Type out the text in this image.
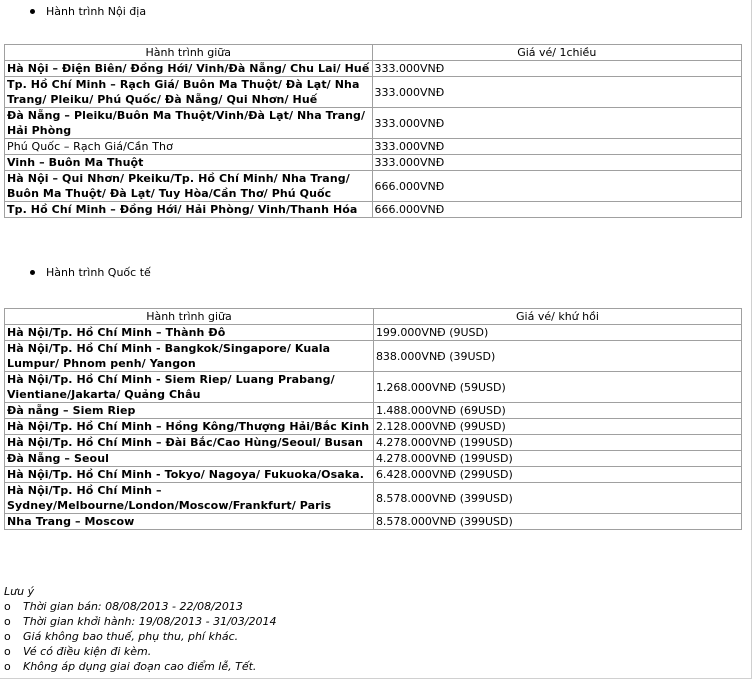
Hành trình Nội địa
Hành trình giữa	Giá vé/ 1chiều
Hà Nội – Điện Biên/ Đồng Hới/ Vinh/Đà Nẵng/ Chu Lai/ Huế	333.000VNĐ
Tp. Hồ Chí Minh – Rạch Giá/ Buôn Ma Thuột/ Đà Lạt/ Nha Trang/ Pleiku/ Phú Quốc/ Đà Nẵng/ Qui Nhơn/ Huế	333.000VNĐ
Đà Nẵng – Pleiku/Buôn Ma Thuột/Vinh/Đà Lạt/ Nha Trang/ Hải Phòng	333.000VNĐ
Phú Quốc – Rạch Giá/Cần Thơ	333.000VNĐ
Vinh – Buôn Ma Thuột	333.000VNĐ
Hà Nội – Qui Nhơn/ Pkeiku/Tp. Hồ Chí Minh/ Nha Trang/ Buôn Ma Thuột/ Đà Lạt/ Tuy Hòa/Cần Thơ/ Phú Quốc	666.000VNĐ
Tp. Hồ Chí Minh – Đồng Hới/ Hải Phòng/ Vinh/Thanh Hóa	666.000VNĐ
Hành trình Quốc tế
Hành trình giữa	Giá vé/ khứ hồi
Hà Nội/Tp. Hồ Chí Minh – Thành Đô	199.000VNĐ (9USD)
Hà Nội/Tp. Hồ Chí Minh - Bangkok/Singapore/ Kuala Lumpur/ Phnom penh/ Yangon	838.000VNĐ (39USD)
Hà Nội/Tp. Hồ Chí Minh - Siem Riep/ Luang Prabang/ Vientiane/Jakarta/ Quảng Châu	1.268.000VNĐ (59USD)
Đà nẵng – Siem Riep	1.488.000VNĐ (69USD)
Hà Nội/Tp. Hồ Chí Minh – Hồng Kông/Thượng Hải/Bắc Kinh	2.128.000VNĐ (99USD)
Hà Nội/Tp. Hồ Chí Minh – Đài Bắc/Cao Hùng/Seoul/ Busan	4.278.000VNĐ (199USD)
Đà Nẵng – Seoul	4.278.000VNĐ (199USD)
Hà Nội/Tp. Hồ Chí Minh - Tokyo/ Nagoya/ Fukuoka/Osaka.	6.428.000VNĐ (299USD)
Hà Nội/Tp. Hồ Chí Minh – Sydney/Melbourne/London/Moscow/Frankfurt/ Paris	8.578.000VNĐ (399USD)
Nha Trang – Moscow	8.578.000VNĐ (399USD)
Lưu ý
o Thời gian bán: 08/08/2013 - 22/08/2013
o Thời gian khởi hành: 19/08/2013 - 31/03/2014
o Giá không bao thuế, phụ thu, phí khác.
o Vé có điều kiện đi kèm.
o Không áp dụng giai đoạn cao điểm lễ, Tết.
